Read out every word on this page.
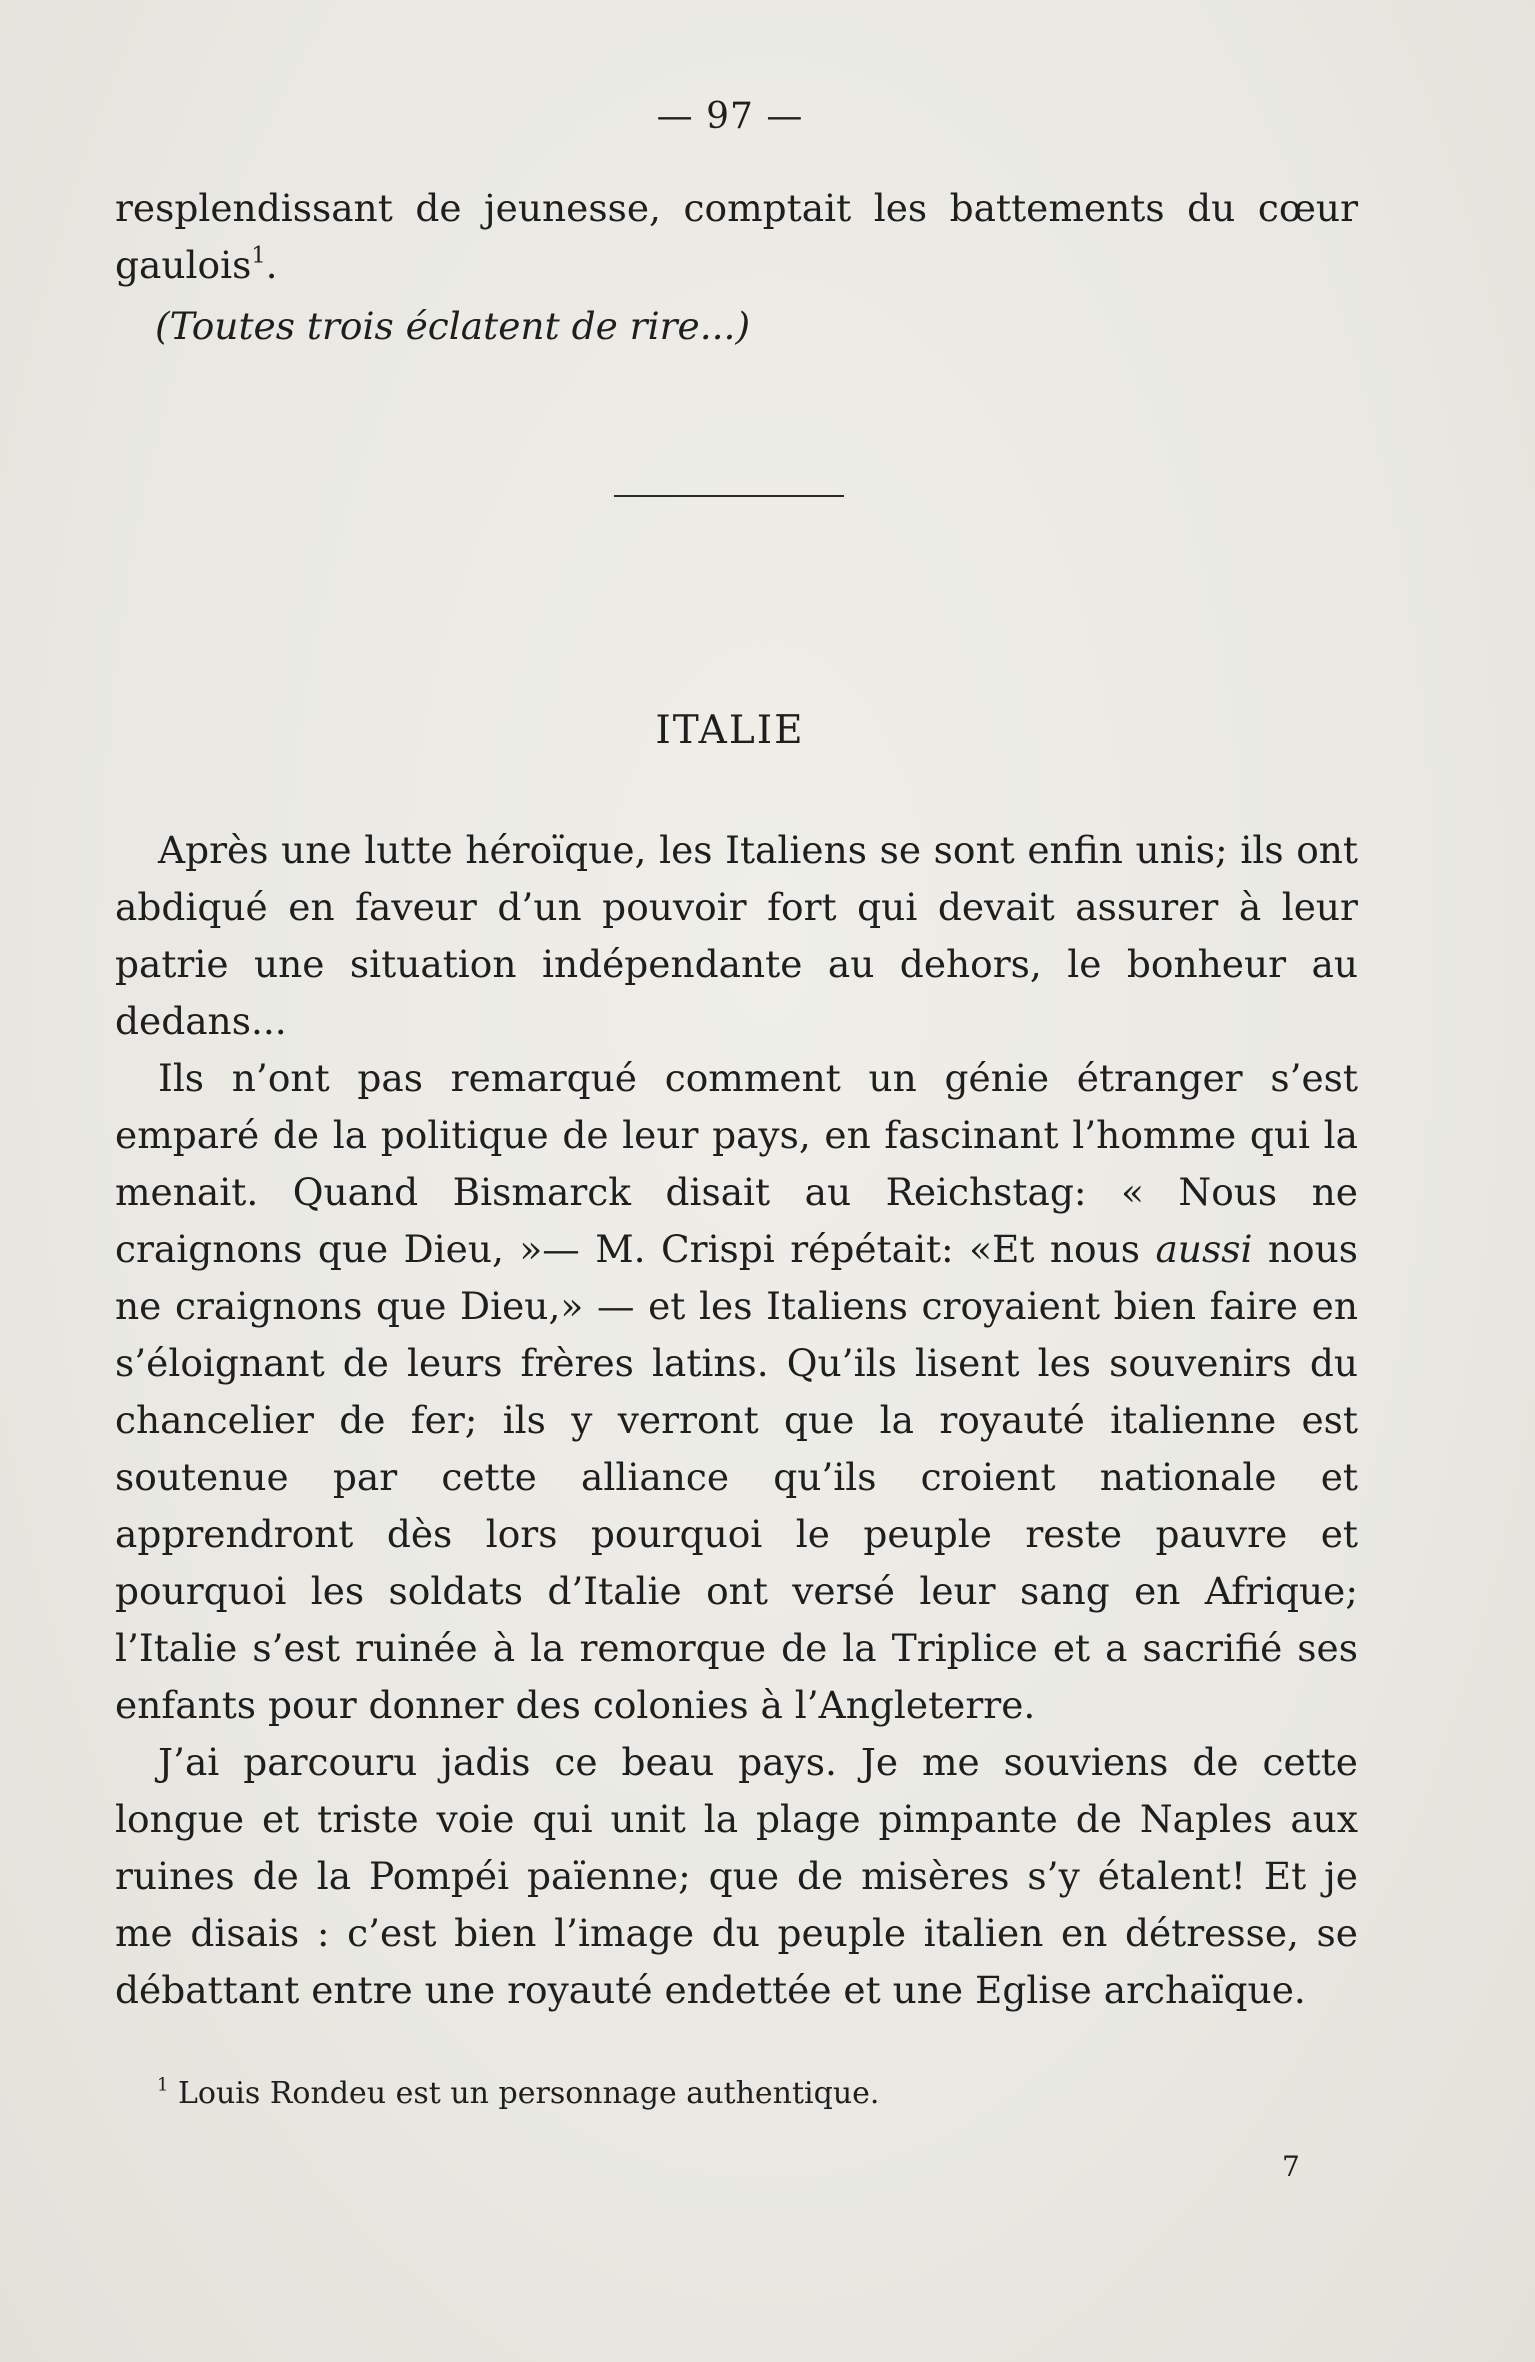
— 97 —

resplendissant de jeunesse, comptait les battements du cœur gaulois$^1$.

(Toutes trois éclatent de rire...)
ITALIE

Après une lutte héroïque, les Italiens se sont enfin unis; ils ont abdiqué en faveur d’un pouvoir fort qui devait assurer à leur patrie une situation indépendante au dehors, le bonheur au dedans...

Ils n’ont pas remarqué comment un génie étranger s’est emparé de la politique de leur pays, en fascinant l’homme qui la menait. Quand Bismarck disait au Reichstag: « Nous ne craignons que Dieu, »— M. Crispi répétait: «Et nous aussi nous ne craignons que Dieu,» — et les Italiens croyaient bien faire en s’éloignant de leurs frères latins. Qu’ils lisent les souvenirs du chancelier de fer; ils y verront que la royauté italienne est soutenue par cette alliance qu’ils croient nationale et apprendront dès lors pourquoi le peuple reste pauvre et pourquoi les soldats d’Italie ont versé leur sang en Afrique; l’Italie s’est ruinée à la remorque de la Triplice et a sacrifié ses enfants pour donner des colonies à l’Angleterre.

J’ai parcouru jadis ce beau pays. Je me souviens de cette longue et triste voie qui unit la plage pimpante de Naples aux ruines de la Pompéi païenne; que de misères s’y étalent! Et je me disais : c’est bien l’image du peuple italien en détresse, se débattant entre une royauté endettée et une Eglise archaïque.

$^1$ Louis Rondeu est un personnage authentique.
7
